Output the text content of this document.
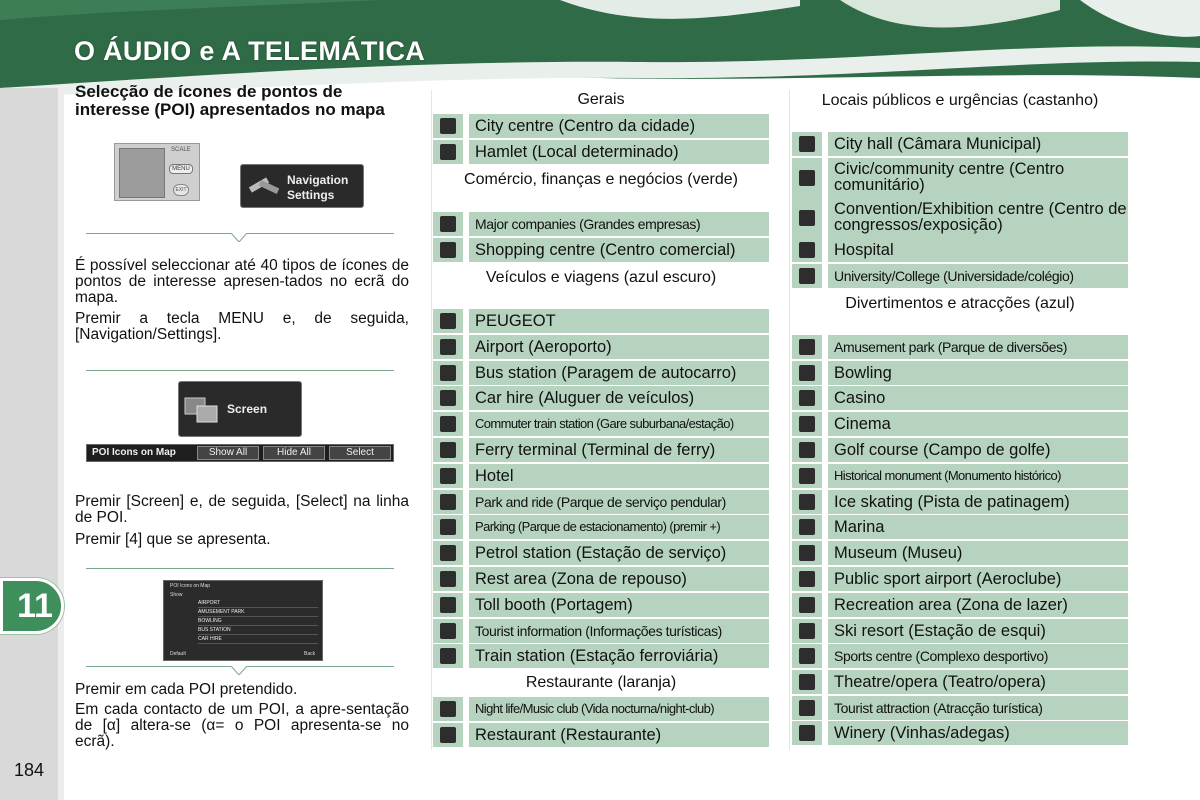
O ÁUDIO e A TELEMÁTICA
11
184
Selecção de ícones de pontos de interesse (POI) apresentados no mapa
SCALE
MENU
EXIT
Navigation
Settings
É possível seleccionar até 40 tipos de ícones de pontos de interesse apresen-tados no ecrã do mapa.
Premir a tecla MENU e, de seguida, [Navigation/Settings].
Screen
POI Icons on Map	Show All	Hide All	Select
Premir [Screen] e, de seguida, [Select] na linha de POI.
Premir [4] que se apresenta.
POI Icons on Map
Show
AIRPORT
AMUSEMENT PARK
BOWLING
BUS STATION
CAR HIRE
Default	Back
Premir em cada POI pretendido.
Em cada contacto de um POI, a apre-sentação de [α] altera-se (α= o POI apresenta-se no ecrã).
Gerais
City centre (Centro da cidade)
Hamlet (Local determinado)
Comércio, finanças e negócios (verde)
Major companies (Grandes empresas)
Shopping centre (Centro comercial)
Veículos e viagens (azul escuro)
PEUGEOT
Airport (Aeroporto)
Bus station (Paragem de autocarro)
Car hire (Aluguer de veículos)
Commuter train station (Gare suburbana/estação)
Ferry terminal (Terminal de ferry)
Hotel
Park and ride (Parque de serviço pendular)
Parking (Parque de estacionamento) (premir +)
Petrol station (Estação de serviço)
Rest area (Zona de repouso)
Toll booth (Portagem)
Tourist information (Informações turísticas)
Train station (Estação ferroviária)
Restaurante (laranja)
Night life/Music club (Vida nocturna/night-club)
Restaurant (Restaurante)
Locais públicos e urgências (castanho)
City hall (Câmara Municipal)
Civic/community centre (Centro comunitário)
Convention/Exhibition centre (Centro de congressos/exposição)
Hospital
University/College (Universidade/colégio)
Divertimentos e atracções (azul)
Amusement park (Parque de diversões)
Bowling
Casino
Cinema
Golf course (Campo de golfe)
Historical monument (Monumento histórico)
Ice skating (Pista de patinagem)
Marina
Museum (Museu)
Public sport airport (Aeroclube)
Recreation area (Zona de lazer)
Ski resort (Estação de esqui)
Sports centre (Complexo desportivo)
Theatre/opera (Teatro/opera)
Tourist attraction (Atracção turística)
Winery (Vinhas/adegas)
